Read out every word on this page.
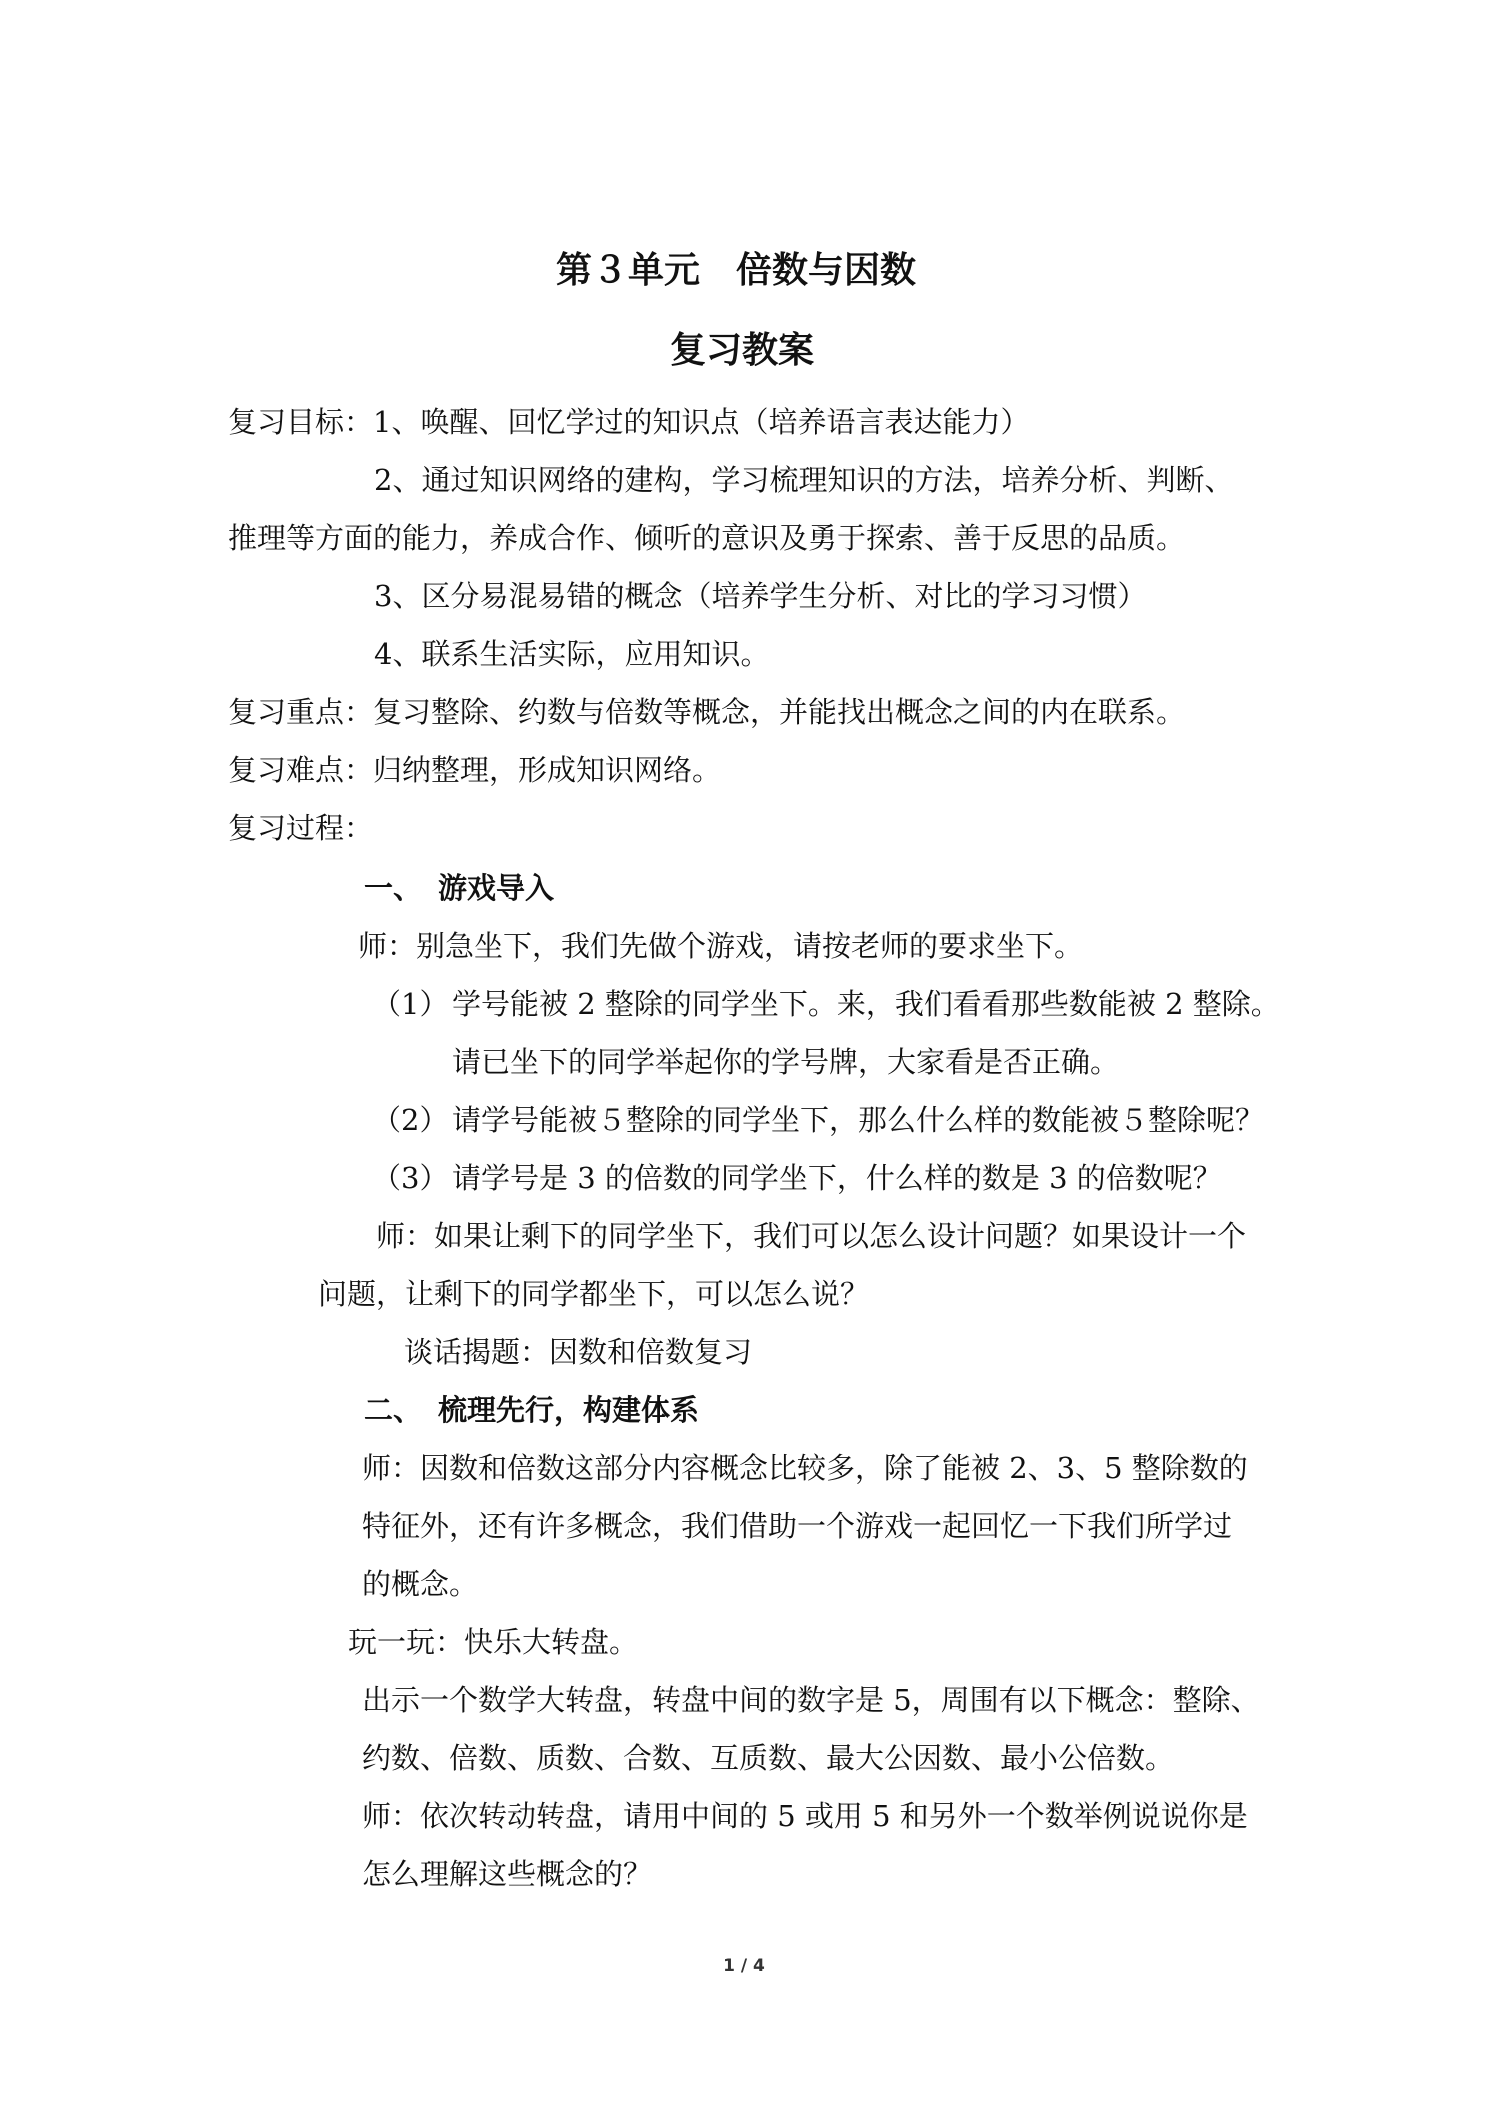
第３单元　倍数与因数
复习教案
复习目标：1、唤醒、回忆学过的知识点（培养语言表达能力）
2、通过知识网络的建构，学习梳理知识的方法，培养分析、判断、
推理等方面的能力，养成合作、倾听的意识及勇于探索、善于反思的品质。
3、区分易混易错的概念（培养学生分析、对比的学习习惯）
4、联系生活实际，应用知识。
复习重点：复习整除、约数与倍数等概念，并能找出概念之间的内在联系。
复习难点：归纳整理，形成知识网络。
复习过程：
一、 游戏导入
师：别急坐下，我们先做个游戏，请按老师的要求坐下。
（1） 学号能被 2 整除的同学坐下。来，我们看看那些数能被 2 整除。
请已坐下的同学举起你的学号牌，大家看是否正确。
（2） 请学号能被５整除的同学坐下，那么什么样的数能被５整除呢？
（3） 请学号是 3 的倍数的同学坐下，什么样的数是 3 的倍数呢？
师：如果让剩下的同学坐下，我们可以怎么设计问题？如果设计一个
问题，让剩下的同学都坐下，可以怎么说？
谈话揭题：因数和倍数复习
二、 梳理先行，构建体系
师：因数和倍数这部分内容概念比较多，除了能被 2、3、5 整除数的
特征外，还有许多概念，我们借助一个游戏一起回忆一下我们所学过
的概念。
玩一玩：快乐大转盘。
出示一个数学大转盘，转盘中间的数字是 5，周围有以下概念：整除、
约数、倍数、质数、合数、互质数、最大公因数、最小公倍数。
师：依次转动转盘，请用中间的 5 或用 5 和另外一个数举例说说你是
怎么理解这些概念的？
1 / 4
